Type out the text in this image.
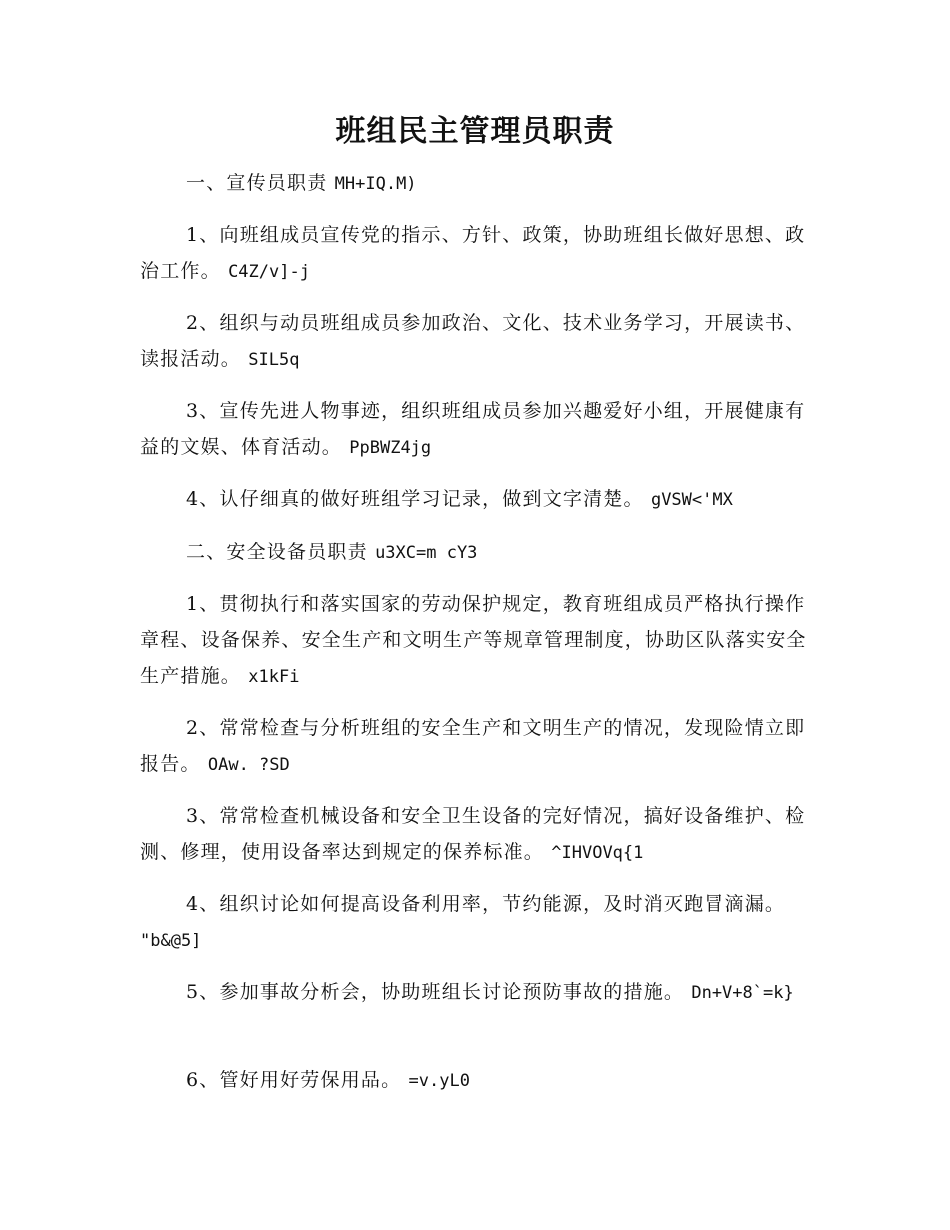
班组民主管理员职责
一、宣传员职责 MH+IQ.M)
1、向班组成员宣传党的指示、方针、政策，协助班组长做好思想、政治工作。 C4Z/v]-j
2、组织与动员班组成员参加政治、文化、技术业务学习，开展读书、读报活动。 SIL5q
3、宣传先进人物事迹，组织班组成员参加兴趣爱好小组，开展健康有益的文娱、体育活动。 PpBWZ4jg
4、认仔细真的做好班组学习记录，做到文字清楚。 gVSW<'MX
二、安全设备员职责 u3XC=m cY3
1、贯彻执行和落实国家的劳动保护规定，教育班组成员严格执行操作章程、设备保养、安全生产和文明生产等规章管理制度，协助区队落实安全生产措施。 x1kFi
2、常常检查与分析班组的安全生产和文明生产的情况，发现险情立即报告。 OAw. ?SD
3、常常检查机械设备和安全卫生设备的完好情况，搞好设备维护、检测、修理，使用设备率达到规定的保养标准。 ^IHVOVq{1
4、组织讨论如何提高设备利用率，节约能源，及时消灭跑冒滴漏。 "b&@5]
5、参加事故分析会，协助班组长讨论预防事故的措施。 Dn+V+8`=k}
6、管好用好劳保用品。 =v.yL0
